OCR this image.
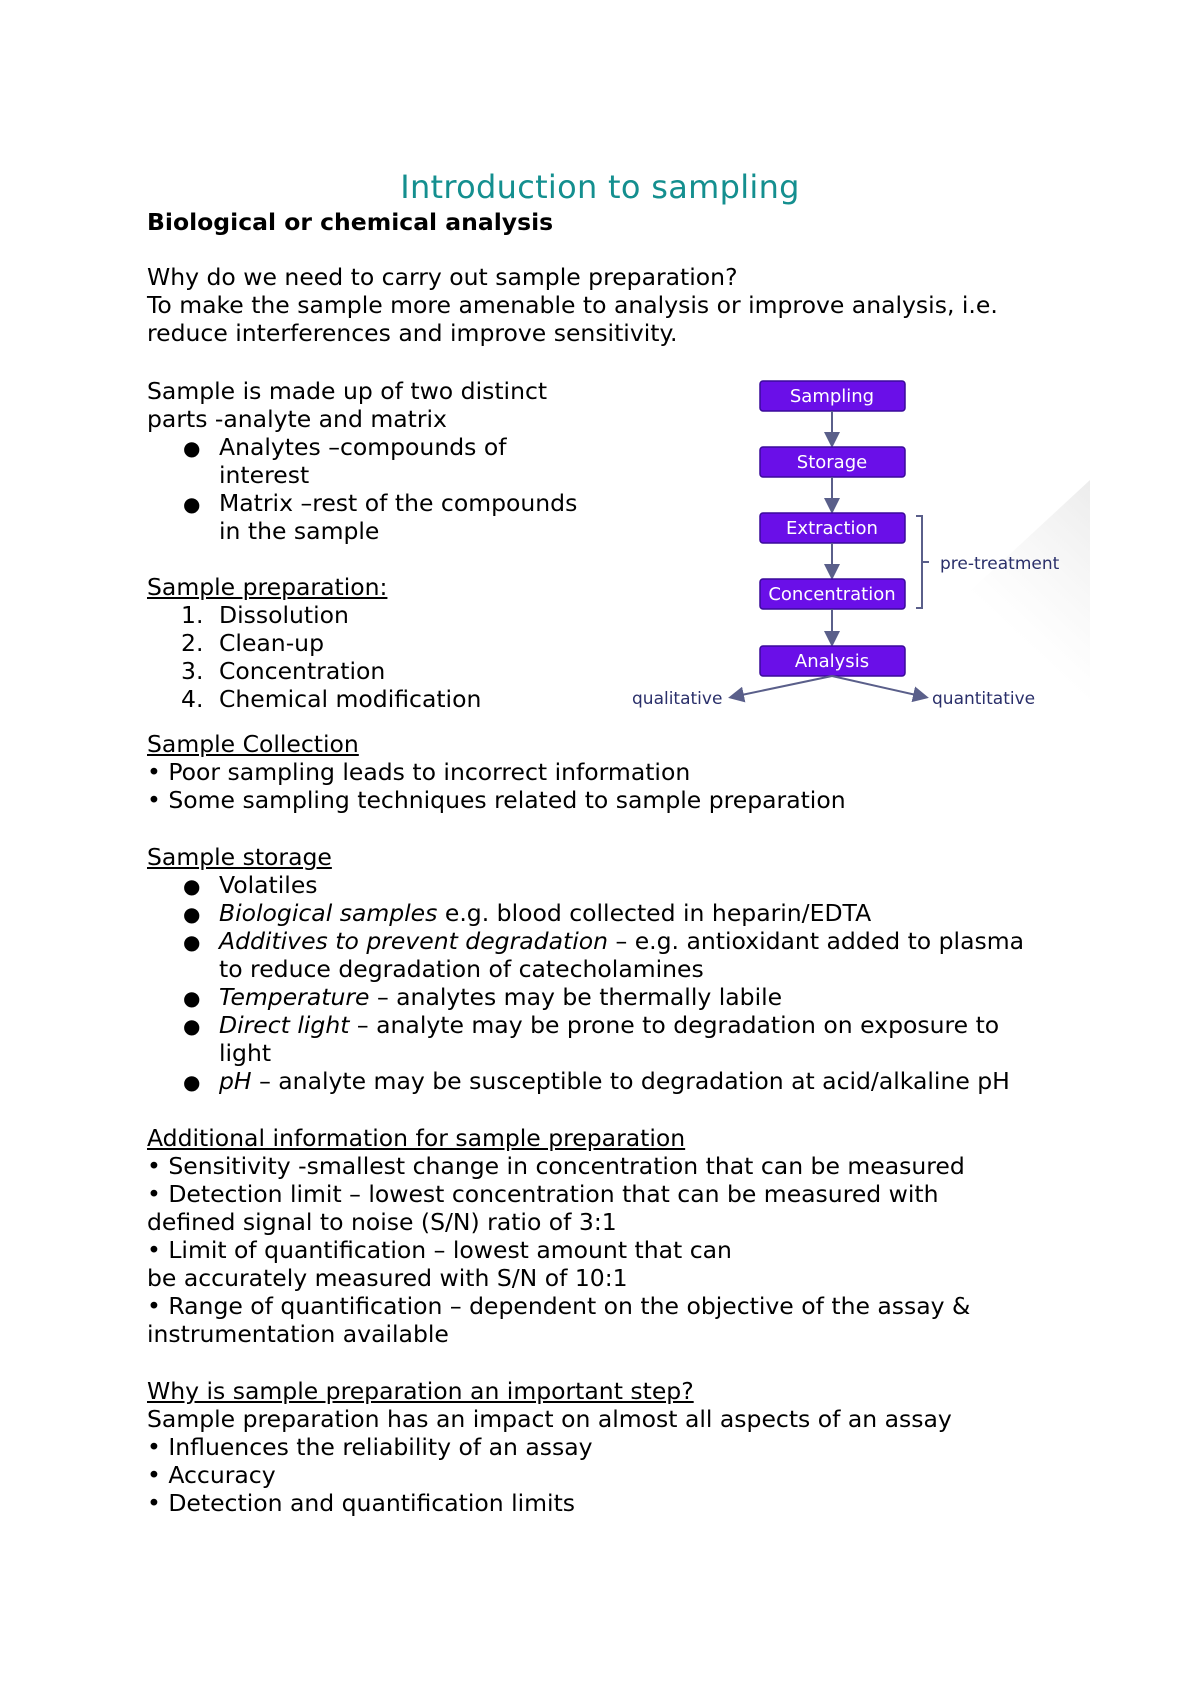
Introduction to sampling
Biological or chemical analysis
Why do we need to carry out sample preparation?
To make the sample more amenable to analysis or improve analysis, i.e.
reduce interferences and improve sensitivity.
Sample is made up of two distinct
parts -analyte and matrix
● Analytes –compounds of
interest
● Matrix –rest of the compounds
in the sample
Sample preparation:
1. Dissolution
2. Clean-up
3. Concentration
4. Chemical modification
Sampling
Storage
Extraction
Concentration
Analysis
pre-treatment
qualitative	quantitative
Sample Collection
• Poor sampling leads to incorrect information
• Some sampling techniques related to sample preparation
Sample storage
● Volatiles
● Biological samples e.g. blood collected in heparin/EDTA
● Additives to prevent degradation – e.g. antioxidant added to plasma
to reduce degradation of catecholamines
● Temperature – analytes may be thermally labile
● Direct light – analyte may be prone to degradation on exposure to
light
● pH – analyte may be susceptible to degradation at acid/alkaline pH
Additional information for sample preparation
• Sensitivity -smallest change in concentration that can be measured
• Detection limit – lowest concentration that can be measured with
defined signal to noise (S/N) ratio of 3:1
• Limit of quantification – lowest amount that can
be accurately measured with S/N of 10:1
• Range of quantification – dependent on the objective of the assay &
instrumentation available
Why is sample preparation an important step?
Sample preparation has an impact on almost all aspects of an assay
• Influences the reliability of an assay
• Accuracy
• Detection and quantification limits
